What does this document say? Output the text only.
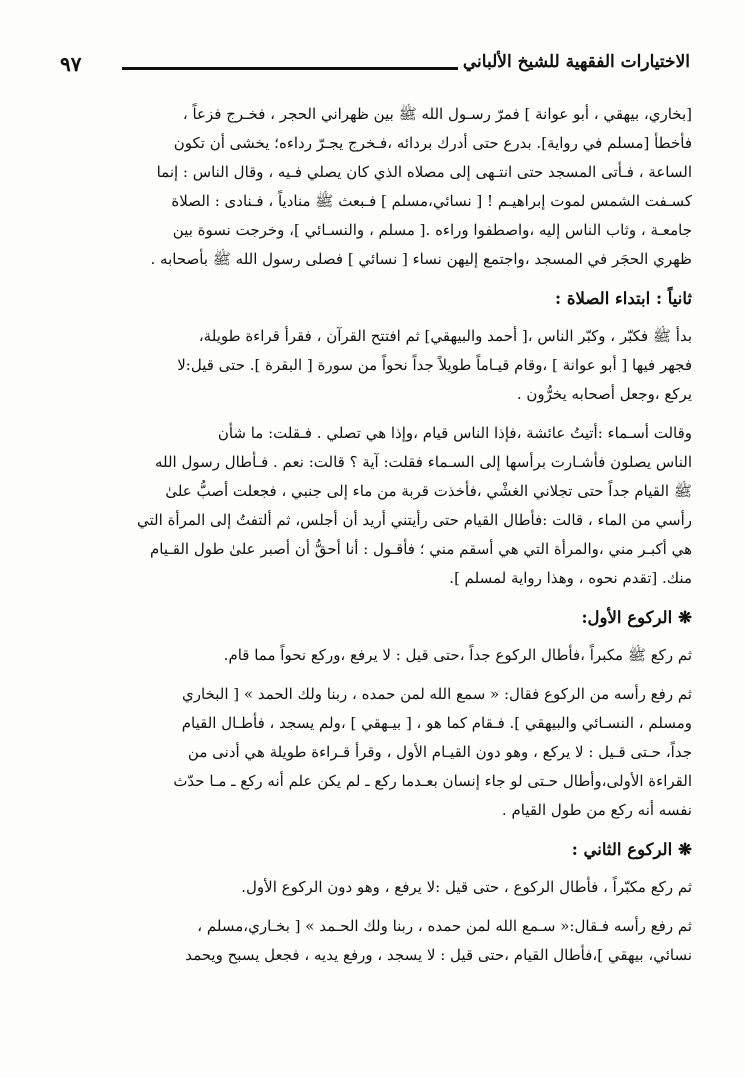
الاختيارات الفقهية للشيخ الألباني
٩٧
[بخاري، بيهقي ، أبو عوانة ] فمرّ رسـول الله ﷺ بين ظهراني الحجر ، فخـرج فزعاً ،
فأخطأ [مسلم في رواية]. بدرع حتى أدرك بردائه ،فـخرج يجـرّ رداءه؛ يخشى أن تكون
الساعة ، فـأتى المسجد حتى انتـهى إلى مصلاه الذي كان يصلي فـيه ، وقال الناس : إنما
كسـفت الشمس لموت إبراهيـم ! [ نسائي،مسلم ] فـبعث ﷺ منادياً ، فـنادى : الصلاة
جامعـة ، وثاب الناس إليه ،واصطفوا وراءه .[ مسلم ، والنسـائي ]، وخرجت نسوة بين
ظهري الحجَر في المسجد ،واجتمع إليهن نساء [ نسائي ] فصلى رسول الله ﷺ بأصحابه .
ثانياً : ابتداء الصلاة :
بدأ ﷺ فكبّر ، وكبّر الناس ،[ أحمد والبيهقي] ثم افتتح القرآن ، فقرأ قراءة طويلة،
فجهر فيها [ أبو عوانة ] ،وقام قيـاماً طويلاً جداً نحواً من سورة [ البقرة ]. حتى قيل:لا
يركع ،وجعل أصحابه يخرُّون .
وقالت أسـماء :أتيتُ عائشة ،فإذا الناس قيام ،وإذا هي تصلي . فـقلت: ما شأن
الناس يصلون فأشـارت برأسها إلى السـماء فقلت: آية ؟ قالت: نعم . فـأطال رسول الله
ﷺ القيام جداً حتى تجلاني الغشْي ،فأخذت قربة من ماء إلى جنبي ، فجعلت أصبُّ علىٰ
رأسي من الماء ، قالت :فأطال القيام حتى رأيتني أريد أن أجلس، ثم ألتفتُ إلى المرأة التي
هي أكبـر مني ،والمرأة التي هي أسقم مني ؛ فأقـول : أنا أحقُّ أن أصبر علىٰ طول القـيام
منك. [تقدم نحوه ، وهذا رواية لمسلم ].
❋الركوع الأول:
ثم ركع ﷺ مكبراً ،فأطال الركوع جداً ،حتى قيل : لا يرفع ،وركع نحواً مما قام.
ثم رفع رأسه من الركوع فقال: « سمع الله لمن حمده ، ربنا ولك الحمد » [ البخاري
ومسلم ، النسـائي والبيهقي ]. فـقام كما هو ، [ بيـهقي ] ،ولم يسجد ، فأطـال القيام
جداً، حـتى قـيل : لا يركع ، وهو دون القيـام الأول ، وقرأ قـراءة طويلة هي أدنى من
القراءة الأولى،وأطال حـتى لو جاء إنسان بعـدما ركع ـ لم يكن علم أنه ركع ـ مـا حدّث
نفسه أنه ركع من طول القيام .
❋الركوع الثاني :
ثم ركع مكبّراً ، فأطال الركوع ، حتى قيل :لا يرفع ، وهو دون الركوع الأول.
ثم رفع رأسه فـقال:« سـمع الله لمن حمده ، ربنا ولك الحـمد » [ بخـاري،مسلم ،
نسائي، بيهقي ]،فأطال القيام ،حتى قيل : لا يسجد ، ورفع يديه ، فجعل يسبح ويحمد
